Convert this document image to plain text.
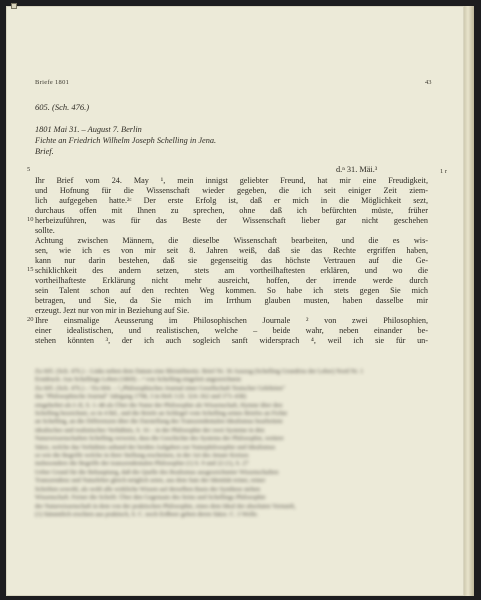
Briefe 1801	43
605. (Sch. 476.)
1801 Mai 31. – August 7. Berlin
Fichte an Friedrich Wilhelm Joseph Schelling in Jena.
Brief.
5
10
15
20
d.ⁿ 31. Mäi.³	1 r
Ihr Brief vom 24. May ¹, mein innigst geliebter Freund, hat mir eine Freudigkeit,
und Hofnung für die Wissenschaft wieder gegeben, die ich seit einiger Zeit ziem-
lich aufgegeben hatte.²ᶜ Der erste Erfolg ist, daß er mich in die Möglichkeit sezt,
durchaus offen mit Ihnen zu sprechen, ohne daß ich befürchten müste, früher
herbeizuführen, was für das Beste der Wissenschaft lieber gar nicht geschehen
sollte.
Achtung zwischen Männern, die dieselbe Wissenschaft bearbeiten, und die es wis-
sen, wie ich es von mir seit 8. Jahren weiß, daß sie das Rechte ergriffen haben,
kann nur darin bestehen, daß sie gegenseitig das höchste Vertrauen auf die Ge-
schiklichkeit des andern setzen, stets am vortheilhaftesten erklären, und wo die
vortheilhafteste Erklärung nicht mehr ausreicht, hoffen, der irrende werde durch
sein Talent schon auf den rechten Weg kommen. So habe ich stets gegen Sie mich
betragen, und Sie, da Sie mich im Irrthum glauben musten, haben dasselbe mir
erzeugt. Jezt nur von mir in Beziehung auf Sie.
Ihre einsmalige Aeusserung im Philosophischen Journale ² von zwei Philosophien,
einer idealistischen, und realistischen, welche – beide wahr, neben einander be-
stehen könnten ³, der ich auch sogleich sanft widersprach ⁴, weil ich sie für un-
Zu 605. (Sch. 476.) – Links neben dem Datum eine Bleistiftnotiz. Brief Nr. 36 Auszug (Schelling Grundriss der Lehre) Nord Nr. 1
Erstdruck: Aus Schellings Leben (1869) – ² von Schelling eingeleit angezeichnete
Zu 605. (Sch. 476.) – ¹Zu 604. – ²„Philosophisches Journal einer Gesellschaft Teutscher Gelehrten"
das "Philosophische Journal" Jahrgang 1798, 3 in Heft 3 (S. 324–362 und 373–438)
eingeheftet als I–II, S. 1–48 als Über die Natur der Philosophie als Wissenschaft, Hymne über den
Schelling bezeichnet, so in 4 Bd., und die Briefe an Schlegel vom Schelling seines Briefes an Fichte
an Schelling, an die Differenzen über die Darstellung des Transzendentalen Idealismus bearbeitete
idealisches und realistisches Verhältnis, S. 16 – in der Philosophie der zwei Systeme in den
Naturwissenschaften Schelling verweist, dass die Geschichte des Systems der Philosophie, weitere
Sätze, welche das Verhältnis anhand der beiden Aufgaben zur Naturphilosophie und Idealismus
so wie die Begriffe welche in ihrer Stellung erscheinen, in der Art des Jenaer Kreises
insbesondere die Begriffe der transzendentalen Philosophie (1) S. 9 und 22 (1), S. 27
Ueber Grund für die Behauptung, daß die Quelle des Realismus ausgezeichneter Wissenschaften
Transzendenz und Naturlehre gleich möglich seien, aus dem Satz der Identität reiner, reiner
Schriften sowohl, als wohl alle wirkliche Wissen auf derselben Basis der Synthese stehen
Wissenschaft. Ferner die Schrift: Über den Gegensatz des Seins und Schellings Philosophie
der Naturwissenschaft in dem von der praktischen Philosophie, eines dem Ideal der absoluten Vernunft,
(1) Sämmtlich erschien aus praktisch, S. C. noch Erdbeer geben deren Sätze. C. 3 Wolle.
